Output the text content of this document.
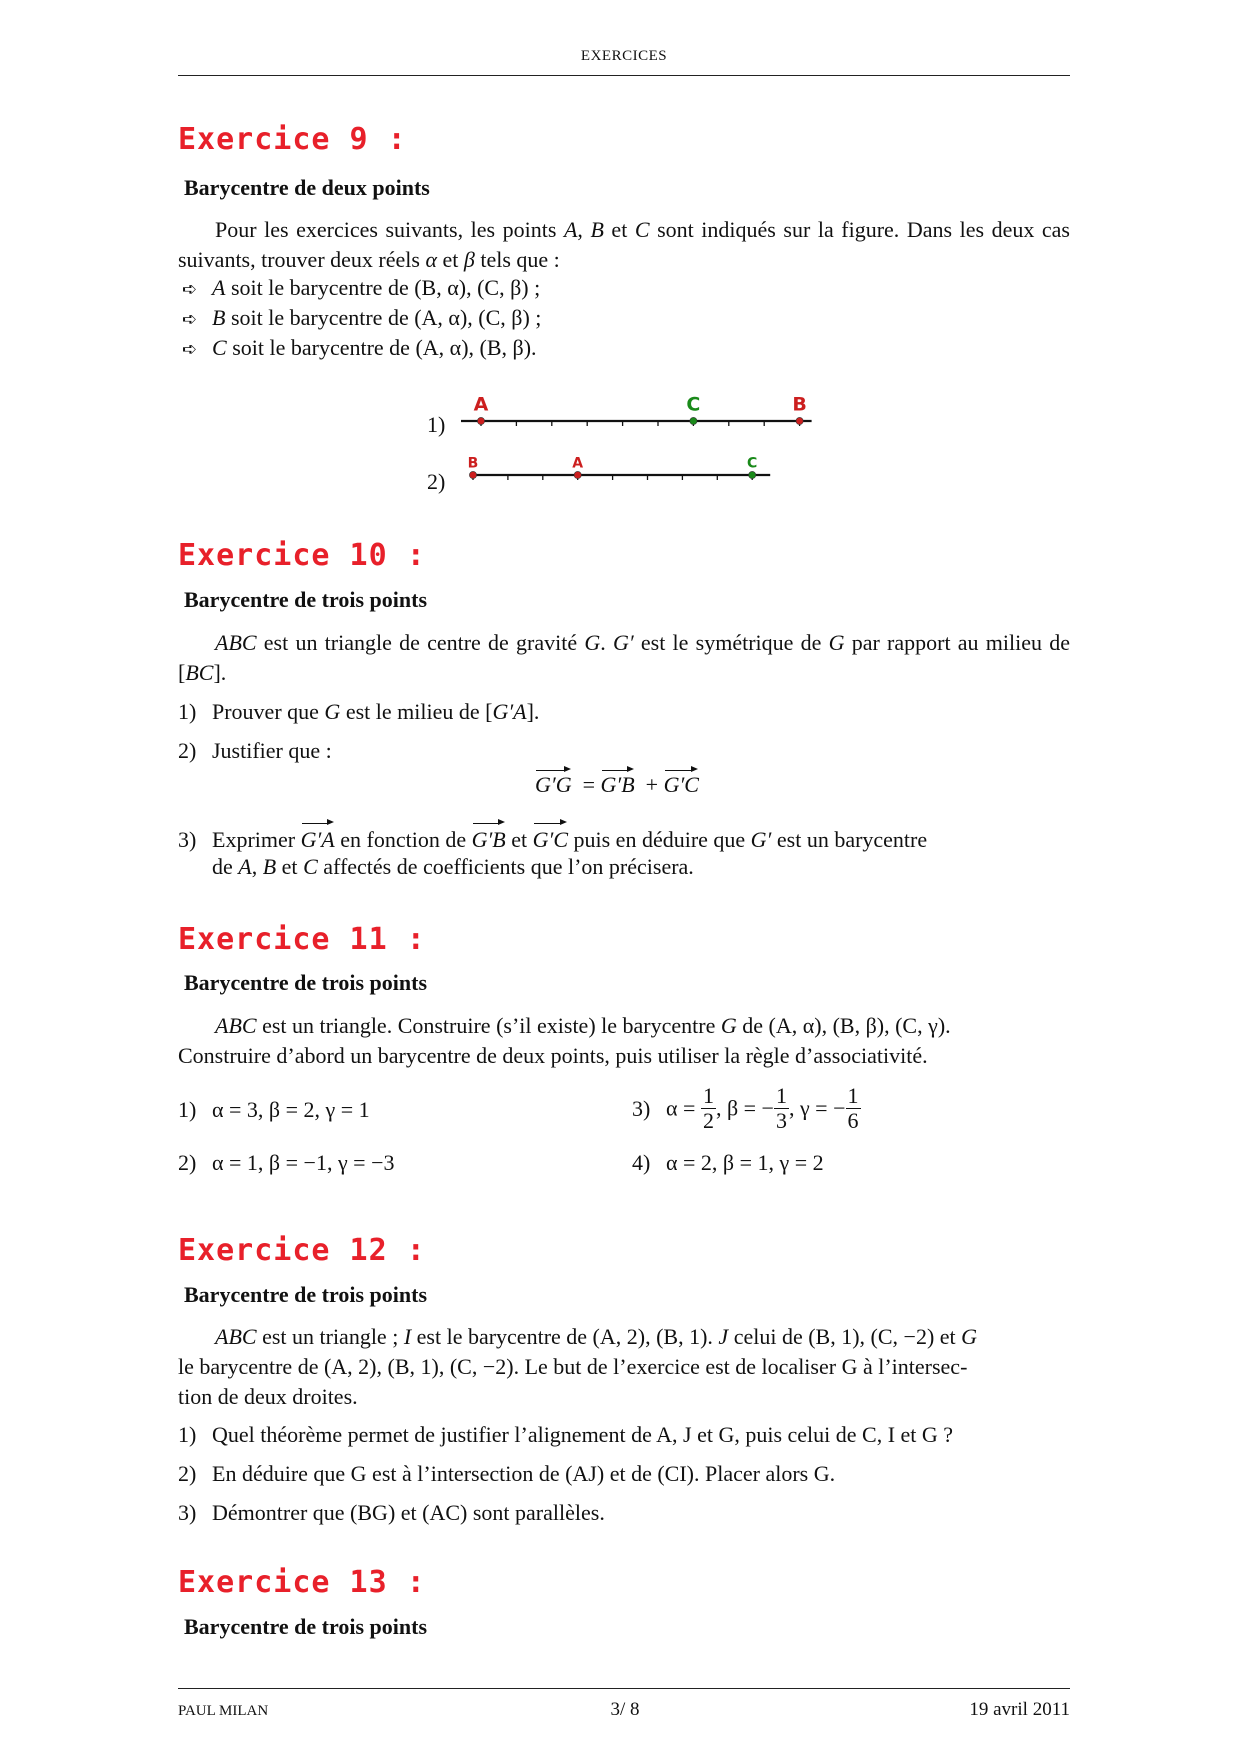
EXERCICES
Exercice 9 :
Barycentre de deux points
Pour les exercices suivants, les points A, B et C sont indiqués sur la figure. Dans les deux cas suivants, trouver deux réels α et β tels que :
➪ A soit le barycentre de (B, α), (C, β) ;
➪ B soit le barycentre de (A, α), (C, β) ;
➪ C soit le barycentre de (A, α), (B, β).
1)
2)
A	C	B
B	A	C
Exercice 10 :
Barycentre de trois points
ABC est un triangle de centre de gravité G. G′ est le symétrique de G par rapport au milieu de [BC].
1) Prouver que G est le milieu de [G′A].
2) Justifier que :
G′G = G′B + G′C
3) Exprimer G′A en fonction de G′B et G′C puis en déduire que G′ est un barycentre
de A, B et C affectés de coefficients que l’on précisera.
Exercice 11 :
Barycentre de trois points
ABC est un triangle. Construire (s’il existe) le barycentre G de (A, α), (B, β), (C, γ).
Construire d’abord un barycentre de deux points, puis utiliser la règle d’associativité.
1) α = 3, β = 2, γ = 1
2) α = 1, β = −1, γ = −3
3) $\alpha = \frac{1}{2}$ , β = − $\frac{1}{3}$ , γ = − $\frac{1}{6}$
4) α = 2, β = 1, γ = 2
Exercice 12 :
Barycentre de trois points
ABC est un triangle ; I est le barycentre de (A, 2), (B, 1). J celui de (B, 1), (C, −2) et G
le barycentre de (A, 2), (B, 1), (C, −2). Le but de l’exercice est de localiser G à l’intersec-
tion de deux droites.
1) Quel théorème permet de justifier l’alignement de A, J et G, puis celui de C, I et G ?
2) En déduire que G est à l’intersection de (AJ) et de (CI). Placer alors G.
3) Démontrer que (BG) et (AC) sont parallèles.
Exercice 13 :
Barycentre de trois points
PAUL MILAN	3/ 8	19 avril 2011
